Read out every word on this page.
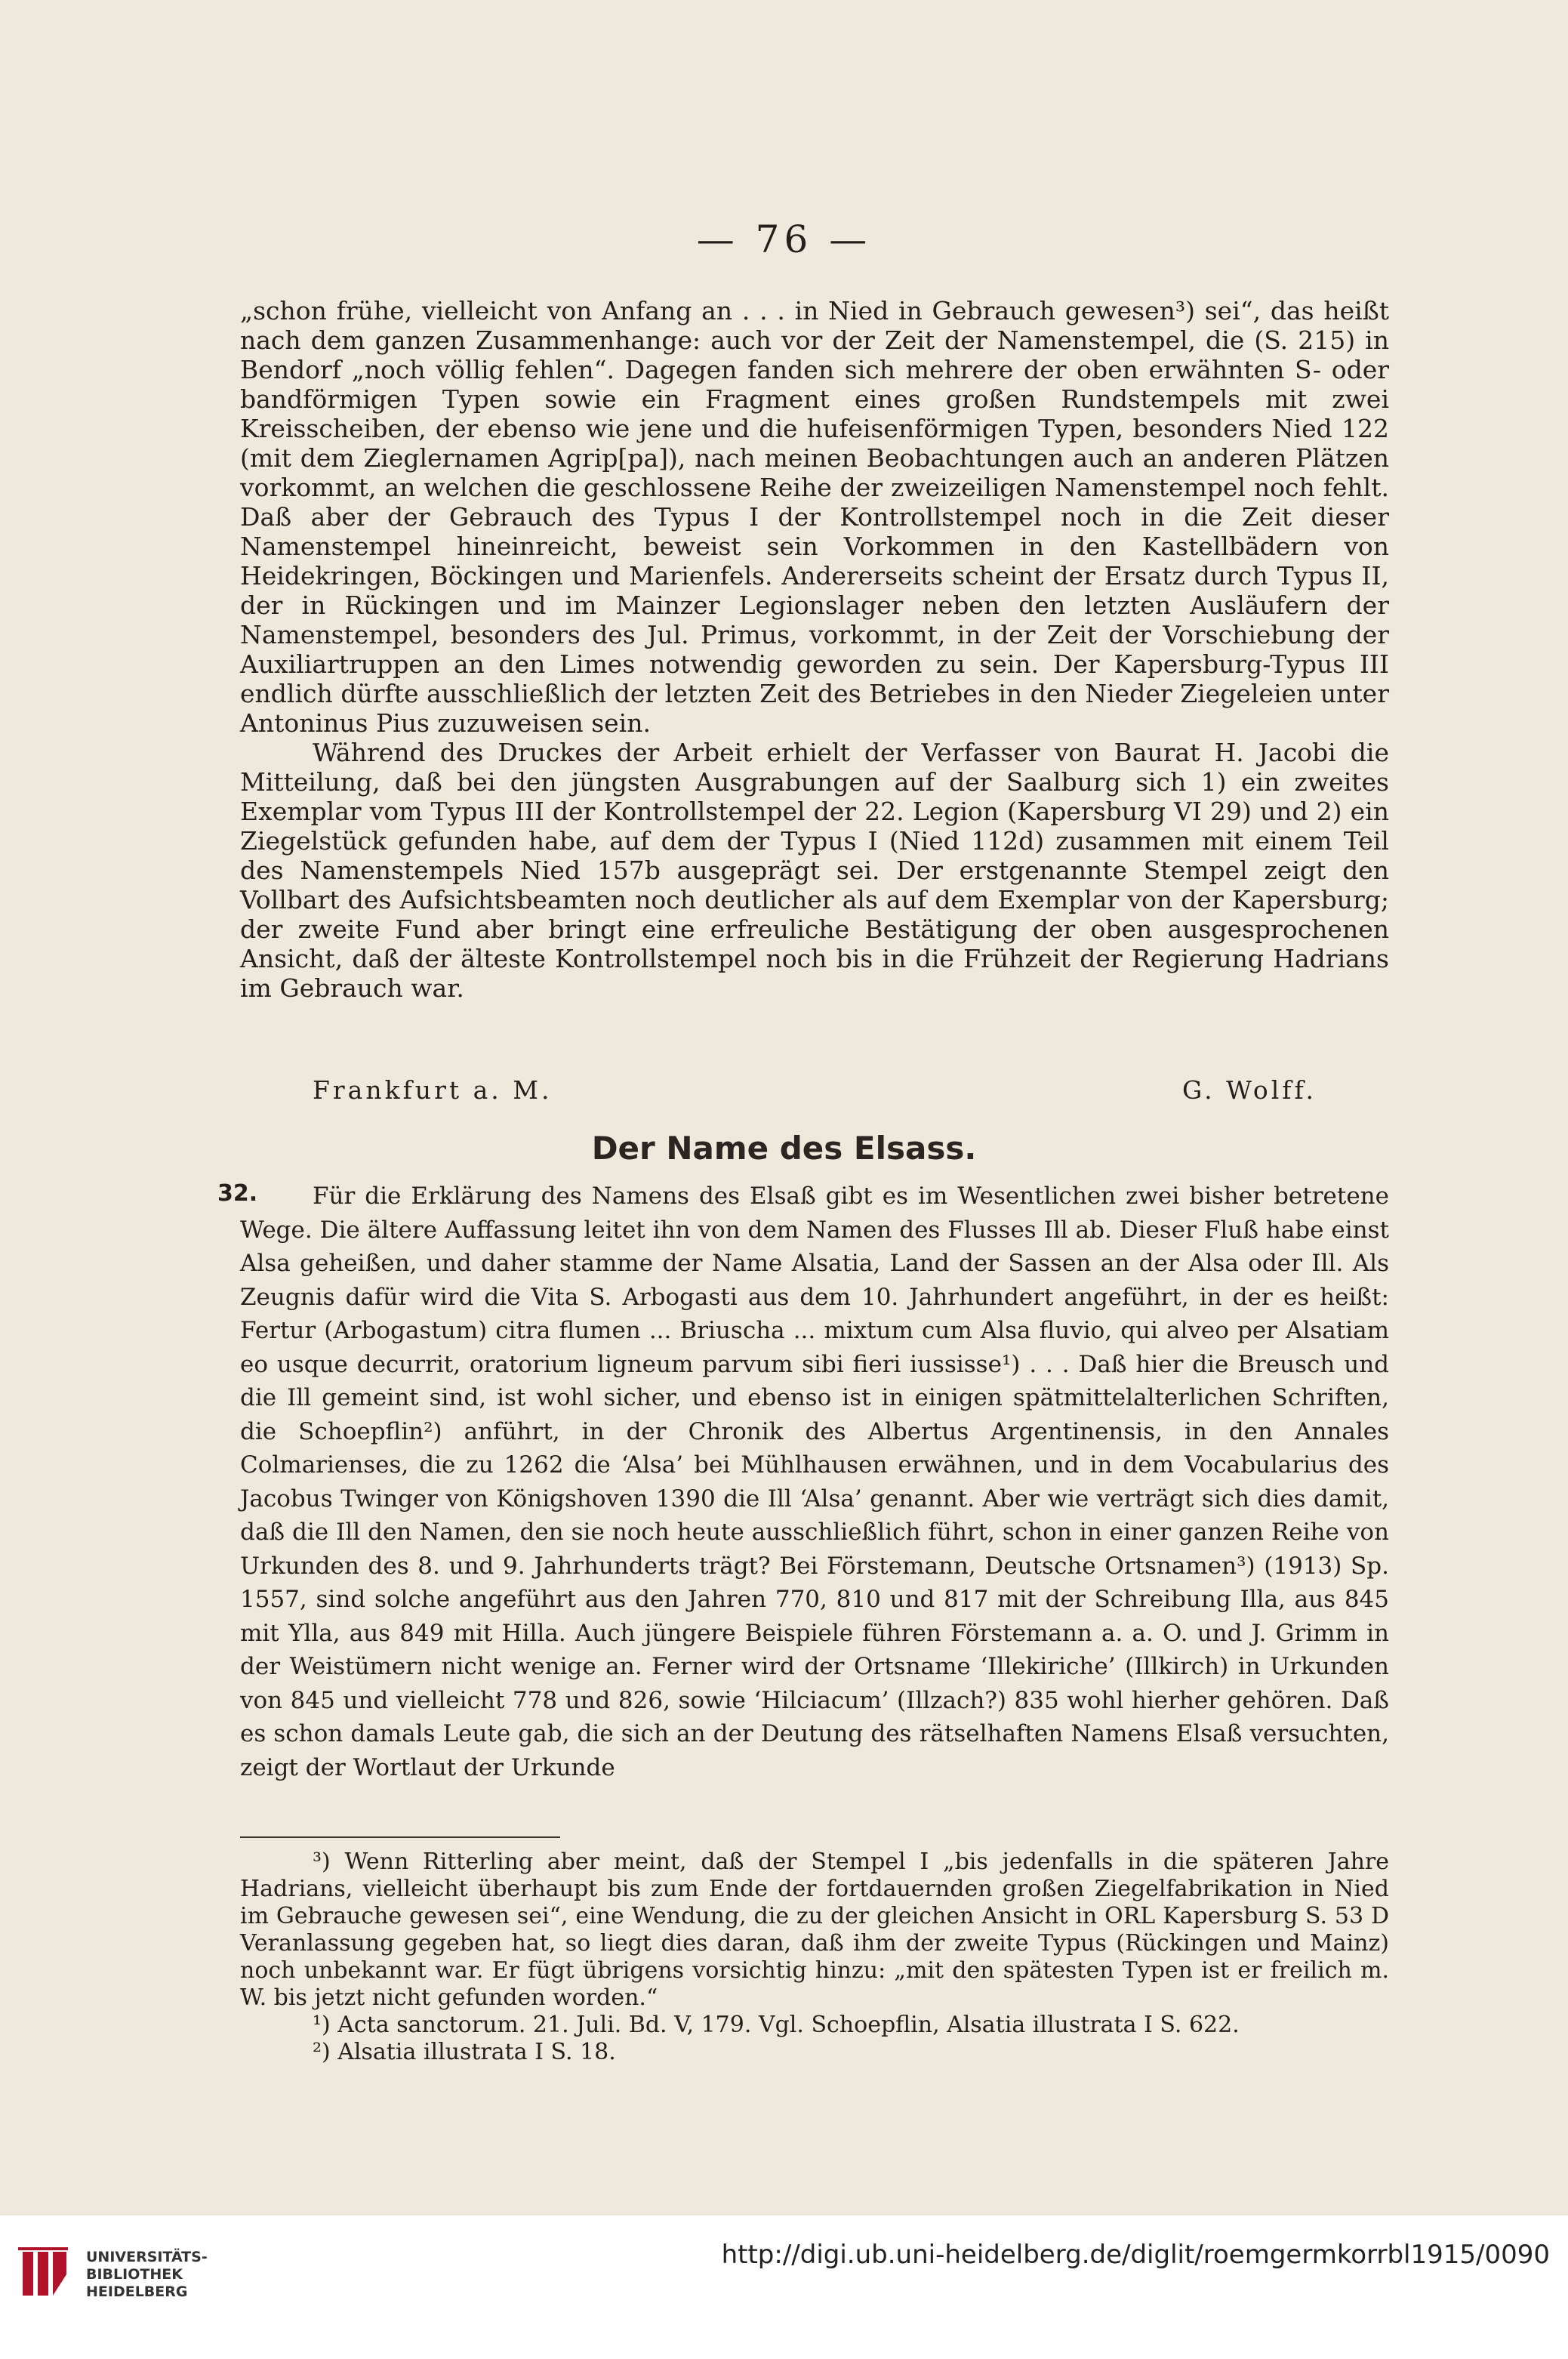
— 76 —

„schon frühe, vielleicht von Anfang an . . . in Nied in Gebrauch gewesen³) sei“, das heißt nach dem ganzen Zusammenhange: auch vor der Zeit der Namenstempel, die (S. 215) in Bendorf „noch völlig fehlen“. Dagegen fanden sich mehrere der oben erwähnten S- oder bandförmigen Typen sowie ein Fragment eines großen Rundstempels mit zwei Kreisscheiben, der ebenso wie jene und die hufeisenförmigen Typen, besonders Nied 122 (mit dem Zieglernamen Agrip[pa]), nach meinen Beobachtungen auch an anderen Plätzen vorkommt, an welchen die geschlossene Reihe der zweizeiligen Namenstempel noch fehlt. Daß aber der Gebrauch des Typus I der Kontrollstempel noch in die Zeit dieser Namenstempel hineinreicht, beweist sein Vorkommen in den Kastellbädern von Heidekringen, Böckingen und Marienfels. Andererseits scheint der Ersatz durch Typus II, der in Rückingen und im Mainzer Legionslager neben den letzten Ausläufern der Namenstempel, besonders des Jul. Primus, vorkommt, in der Zeit der Vorschiebung der Auxiliartruppen an den Limes notwendig geworden zu sein. Der Kapersburg-Typus III endlich dürfte ausschließlich der letzten Zeit des Betriebes in den Nieder Ziegeleien unter Antoninus Pius zuzuweisen sein.

Während des Druckes der Arbeit erhielt der Verfasser von Baurat H. Jacobi die Mitteilung, daß bei den jüngsten Ausgrabungen auf der Saalburg sich 1) ein zweites Exemplar vom Typus III der Kontrollstempel der 22. Legion (Kapersburg VI 29) und 2) ein Ziegelstück gefunden habe, auf dem der Typus I (Nied 112d) zusammen mit einem Teil des Namenstempels Nied 157b ausgeprägt sei. Der erstgenannte Stempel zeigt den Vollbart des Aufsichtsbeamten noch deutlicher als auf dem Exemplar von der Kapersburg; der zweite Fund aber bringt eine erfreuliche Bestätigung der oben ausgesprochenen Ansicht, daß der älteste Kontrollstempel noch bis in die Frühzeit der Regierung Hadrians im Gebrauch war.

Frankfurt a. M.	G. Wolff.
Der Name des Elsass.
32.	Für die Erklärung des Namens des Elsaß gibt es im Wesentlichen zwei bisher betretene Wege. Die ältere Auffassung leitet ihn von dem Namen des Flusses Ill ab. Dieser Fluß habe einst Alsa geheißen, und daher stamme der Name Alsatia, Land der Sassen an der Alsa oder Ill. Als Zeugnis dafür wird die Vita S. Arbogasti aus dem 10. Jahrhundert angeführt, in der es heißt: Fertur (Arbogastum) citra flumen ... Briuscha ... mixtum cum Alsa fluvio, qui alveo per Alsatiam eo usque decurrit, oratorium ligneum parvum sibi fieri iussisse¹) . . . Daß hier die Breusch und die Ill gemeint sind, ist wohl sicher, und ebenso ist in einigen spätmittelalterlichen Schriften, die Schoepflin²) anführt, in der Chronik des Albertus Argentinensis, in den Annales Colmarienses, die zu 1262 die ‘Alsa’ bei Mühlhausen erwähnen, und in dem Vocabularius des Jacobus Twinger von Königshoven 1390 die Ill ‘Alsa’ genannt. Aber wie verträgt sich dies damit, daß die Ill den Namen, den sie noch heute ausschließlich führt, schon in einer ganzen Reihe von Urkunden des 8. und 9. Jahrhunderts trägt? Bei Förstemann, Deutsche Ortsnamen³) (1913) Sp. 1557, sind solche angeführt aus den Jahren 770, 810 und 817 mit der Schreibung Illa, aus 845 mit Ylla, aus 849 mit Hilla. Auch jüngere Beispiele führen Förstemann a. a. O. und J. Grimm in der Weistümern nicht wenige an. Ferner wird der Ortsname ‘Illekiriche’ (Illkirch) in Urkunden von 845 und vielleicht 778 und 826, sowie ‘Hilciacum’ (Illzach?) 835 wohl hierher gehören. Daß es schon damals Leute gab, die sich an der Deutung des rätselhaften Namens Elsaß versuchten, zeigt der Wortlaut der Urkunde

³) Wenn Ritterling aber meint, daß der Stempel I „bis jedenfalls in die späteren Jahre Hadrians, vielleicht überhaupt bis zum Ende der fortdauernden großen Ziegelfabrikation in Nied im Gebrauche gewesen sei“, eine Wendung, die zu der gleichen Ansicht in ORL Kapersburg S. 53 D Veranlassung gegeben hat, so liegt dies daran, daß ihm der zweite Typus (Rückingen und Mainz) noch unbekannt war. Er fügt übrigens vorsichtig hinzu: „mit den spätesten Typen ist er freilich m. W. bis jetzt nicht gefunden worden.“

¹) Acta sanctorum. 21. Juli. Bd. V, 179. Vgl. Schoepflin, Alsatia illustrata I S. 622.

²) Alsatia illustrata I S. 18.

UNIVERSITÄTS-
BIBLIOTHEK
HEIDELBERG
http://digi.ub.uni-heidelberg.de/diglit/roemgermkorrbl1915/0090
